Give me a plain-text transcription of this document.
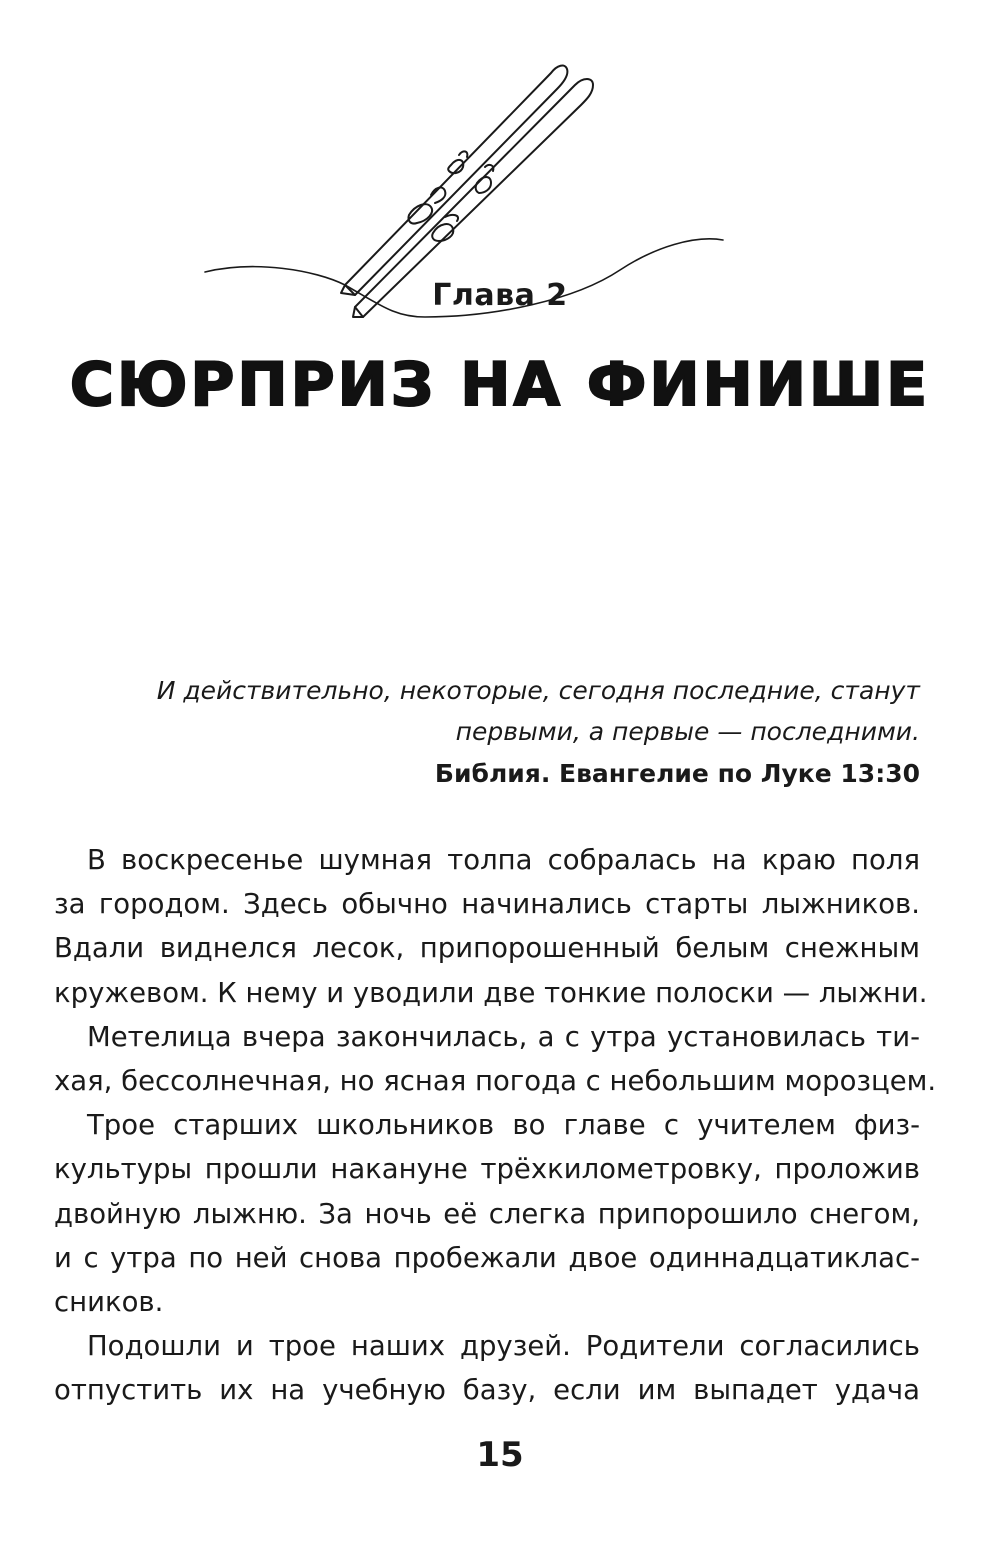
Глава 2
СЮРПРИЗ НА ФИНИШЕ
И действительно, некоторые, сегодня последние, станут
первыми, а первые — последними.
Библия. Евангелие по Луке 13:30
В воскресенье шумная толпа собралась на краю поля
за городом. Здесь обычно начинались старты лыжников.
Вдали виднелся лесок, припорошенный белым снежным
кружевом. К нему и уводили две тонкие полоски — лыжни.
Метелица вчера закончилась, а с утра установилась ти-
хая, бессолнечная, но ясная погода с небольшим морозцем.
Трое старших школьников во главе с учителем физ-
культуры прошли накануне трёхкилометровку, проложив
двойную лыжню. За ночь её слегка припорошило снегом,
и с утра по ней снова пробежали двое одиннадцатиклас-
сников.
Подошли и трое наших друзей. Родители согласились
отпустить их на учебную базу, если им выпадет удача
15
